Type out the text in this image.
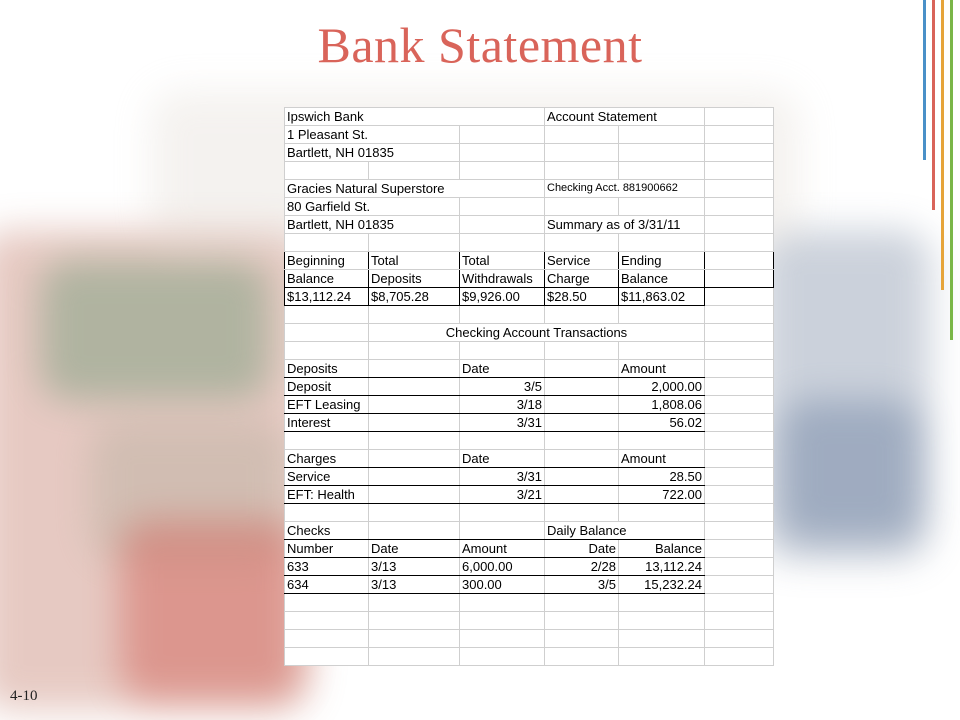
Bank Statement
Ipswich Bank			Account Statement		
1 Pleasant St.					
Bartlett, NH 01835					

Gracies Natural Superstore			Checking Acct. 881900662		
80 Garfield St.					
Bartlett, NH 01835			Summary as of 3/31/11		

Beginning	Total	Total	Service	Ending	
Balance	Deposits	Withdrawals	Charge	Balance	
$13,112.24	$8,705.28	$9,926.00	$28.50	$11,863.02	

	Checking Account Transactions				

Deposits		Date		Amount	
Deposit		3/5		2,000.00	
EFT Leasing		3/18		1,808.06	
Interest		3/31		56.02	

Charges		Date		Amount	
Service		3/31		28.50	
EFT: Health		3/21		722.00	

Checks			Daily Balance		
Number	Date	Amount	Date	Balance	
633	3/13	6,000.00	2/28	13,112.24	
634	3/13	300.00	3/5	15,232.24	

4-10
